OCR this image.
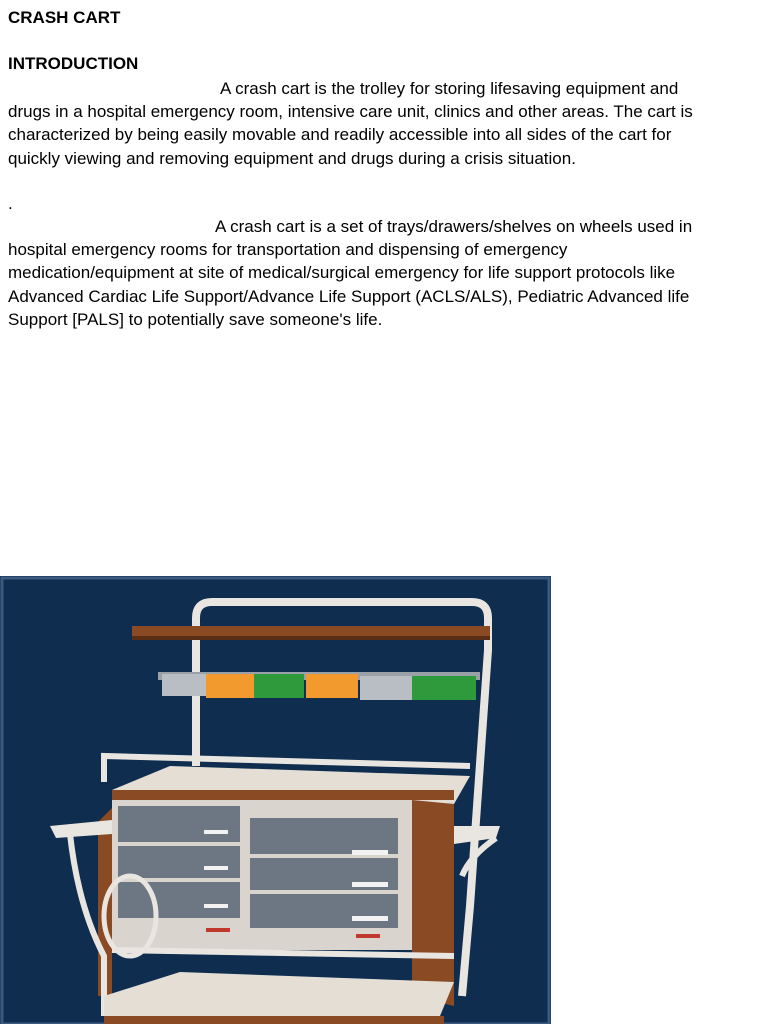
CRASH CART

INTRODUCTION

A crash cart is the trolley for storing lifesaving equipment and drugs in a hospital emergency room, intensive care unit, clinics and other areas. The cart is characterized by being easily movable and readily accessible into all sides of the cart for quickly viewing and removing equipment and drugs during a crisis situation.

.

A crash cart is a set of trays/drawers/shelves on wheels used in hospital emergency rooms for transportation and dispensing of emergency medication/equipment at site of medical/surgical emergency for life support protocols like Advanced Cardiac Life Support/Advance Life Support (ACLS/ALS), Pediatric Advanced life Support [PALS] to potentially save someone's life.
